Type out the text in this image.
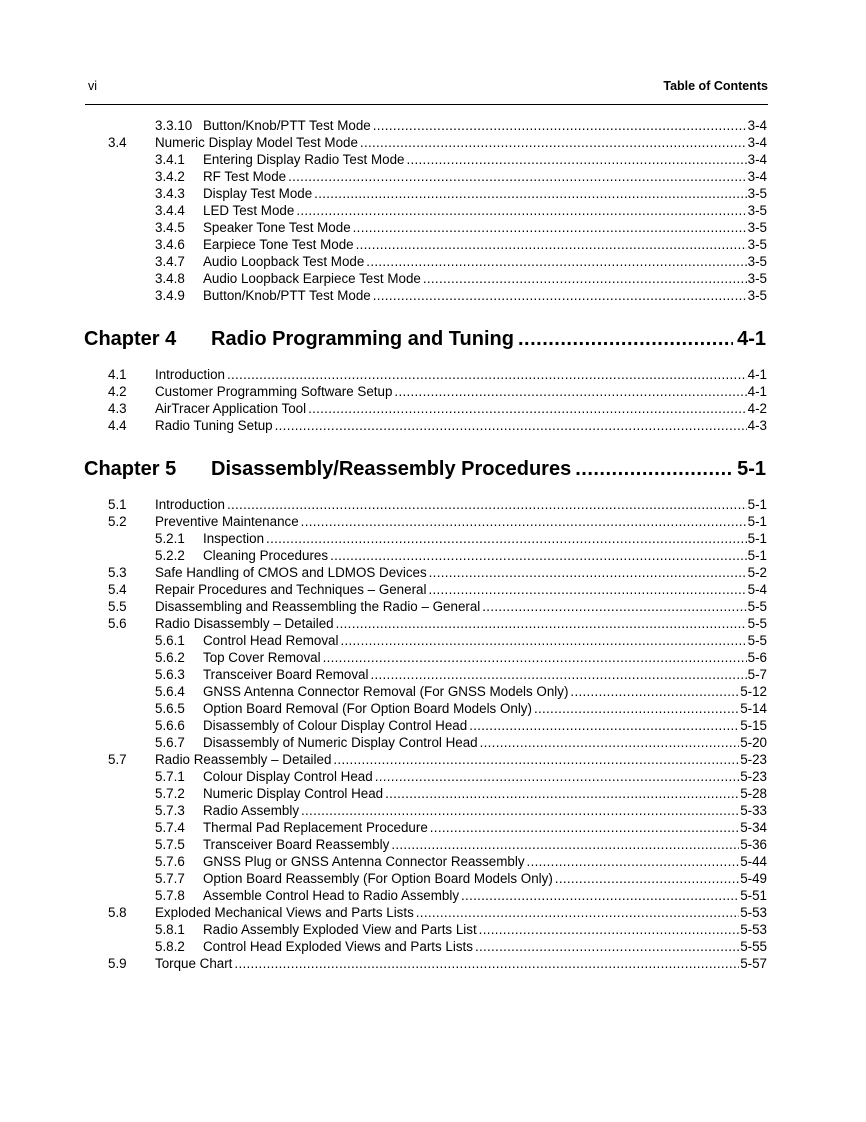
vi	Table of Contents
3.3.10 Button/Knob/PTT Test Mode .....	3-4
3.4 Numeric Display Model Test Mode .....	3-4
3.4.1 Entering Display Radio Test Mode .....	3-4
3.4.2 RF Test Mode .....	3-4
3.4.3 Display Test Mode .....	3-5
3.4.4 LED Test Mode .....	3-5
3.4.5 Speaker Tone Test Mode .....	3-5
3.4.6 Earpiece Tone Test Mode .....	3-5
3.4.7 Audio Loopback Test Mode .....	3-5
3.4.8 Audio Loopback Earpiece Test Mode .....	3-5
3.4.9 Button/Knob/PTT Test Mode .....	3-5
Chapter 4 Radio Programming and Tuning .....	4-1
4.1 Introduction .....	4-1
4.2 Customer Programming Software Setup .....	4-1
4.3 AirTracer Application Tool .....	4-2
4.4 Radio Tuning Setup .....	4-3
Chapter 5 Disassembly/Reassembly Procedures .....	5-1
5.1 Introduction .....	5-1
5.2 Preventive Maintenance .....	5-1
5.2.1 Inspection .....	5-1
5.2.2 Cleaning Procedures .....	5-1
5.3 Safe Handling of CMOS and LDMOS Devices .....	5-2
5.4 Repair Procedures and Techniques – General .....	5-4
5.5 Disassembling and Reassembling the Radio – General .....	5-5
5.6 Radio Disassembly – Detailed .....	5-5
5.6.1 Control Head Removal .....	5-5
5.6.2 Top Cover Removal .....	5-6
5.6.3 Transceiver Board Removal .....	5-7
5.6.4 GNSS Antenna Connector Removal (For GNSS Models Only) .....	5-12
5.6.5 Option Board Removal (For Option Board Models Only) .....	5-14
5.6.6 Disassembly of Colour Display Control Head .....	5-15
5.6.7 Disassembly of Numeric Display Control Head .....	5-20
5.7 Radio Reassembly – Detailed .....	5-23
5.7.1 Colour Display Control Head .....	5-23
5.7.2 Numeric Display Control Head .....	5-28
5.7.3 Radio Assembly .....	5-33
5.7.4 Thermal Pad Replacement Procedure .....	5-34
5.7.5 Transceiver Board Reassembly .....	5-36
5.7.6 GNSS Plug or GNSS Antenna Connector Reassembly .....	5-44
5.7.7 Option Board Reassembly (For Option Board Models Only) .....	5-49
5.7.8 Assemble Control Head to Radio Assembly .....	5-51
5.8 Exploded Mechanical Views and Parts Lists .....	5-53
5.8.1 Radio Assembly Exploded View and Parts List .....	5-53
5.8.2 Control Head Exploded Views and Parts Lists .....	5-55
5.9 Torque Chart .....	5-57
